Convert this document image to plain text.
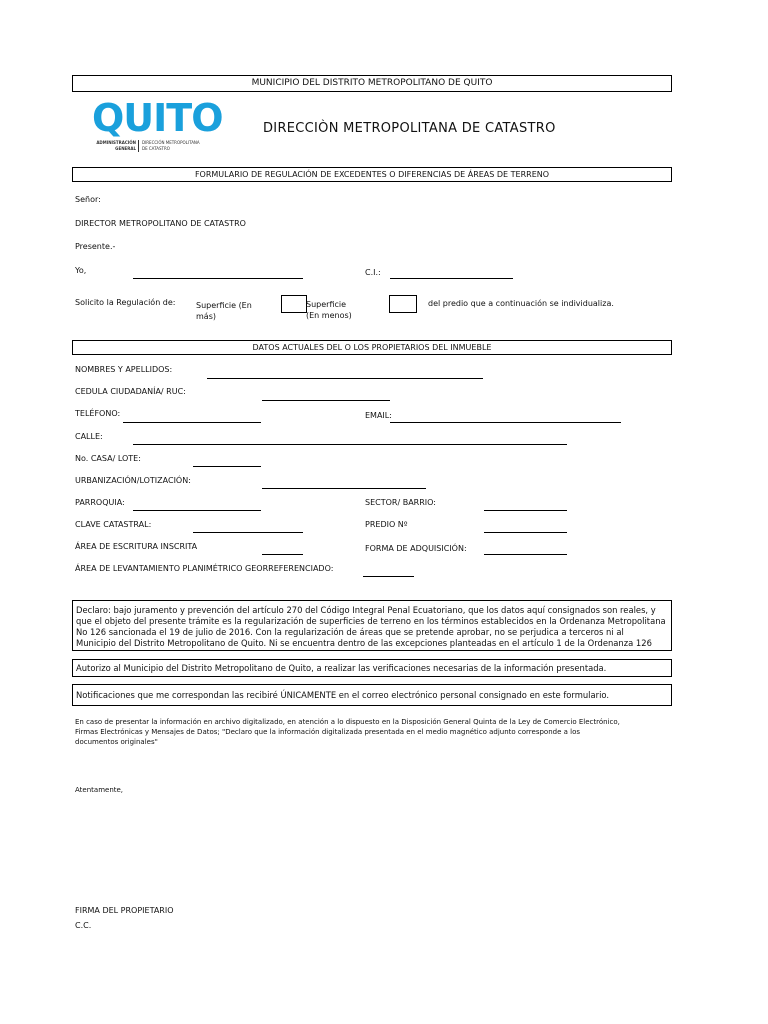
MUNICIPIO DEL DISTRITO METROPOLITANO DE QUITO
QUITO
ADMINISTRACIÓN GENERAL
DIRECCIÓN METROPOLITANA DE CATASTRO
DIRECCIÒN METROPOLITANA DE CATASTRO
FORMULARIO DE REGULACIÓN DE EXCEDENTES O DIFERENCIAS DE ÁREAS DE TERRENO
Señor:
DIRECTOR METROPOLITANO DE CATASTRO
Presente.-
Yo,	C.I.:
Solicito la Regulación de:	Superficie (En más)
Superficie (En menos)
del predio que a continuación se individualiza.
DATOS ACTUALES DEL O LOS PROPIETARIOS DEL INMUEBLE
NOMBRES Y APELLIDOS:
CEDULA CIUDADANÍA/ RUC:
TELÉFONO:	EMAIL:
CALLE:
No. CASA/ LOTE:
URBANIZACIÓN/LOTIZACIÓN:
PARROQUIA:	SECTOR/ BARRIO:
CLAVE CATASTRAL:	PREDIO Nº
ÁREA DE ESCRITURA INSCRITA	FORMA DE ADQUISICIÓN:
ÁREA DE LEVANTAMIENTO PLANIMÉTRICO GEORREFERENCIADO:
Declaro: bajo juramento y prevención del artículo 270 del Código Integral Penal Ecuatoriano, que los datos aquí consignados son reales, y
que el objeto del presente trámite es la regularización de superficies de terreno en los términos establecidos en la Ordenanza Metropolitana
No 126 sancionada el 19 de julio de 2016. Con la regularización de áreas que se pretende aprobar, no se perjudica a terceros ni al
Municipio del Distrito Metropolitano de Quito. Ni se encuentra dentro de las excepciones planteadas en el artículo 1 de la Ordenanza 126
Autorizo al Municipio del Distrito Metropolitano de Quito, a realizar las verificaciones necesarias de la información presentada.
Notificaciones que me correspondan las recibiré ÚNICAMENTE en el correo electrónico personal consignado en este formulario.
En caso de presentar la información en archivo digitalizado, en atención a lo dispuesto en la Disposición General Quinta de la Ley de Comercio Electrónico,
Firmas Electrónicas y Mensajes de Datos; "Declaro que la información digitalizada presentada en el medio magnético adjunto corresponde a los
documentos originales"
Atentamente,
FIRMA DEL PROPIETARIO
C.C.
